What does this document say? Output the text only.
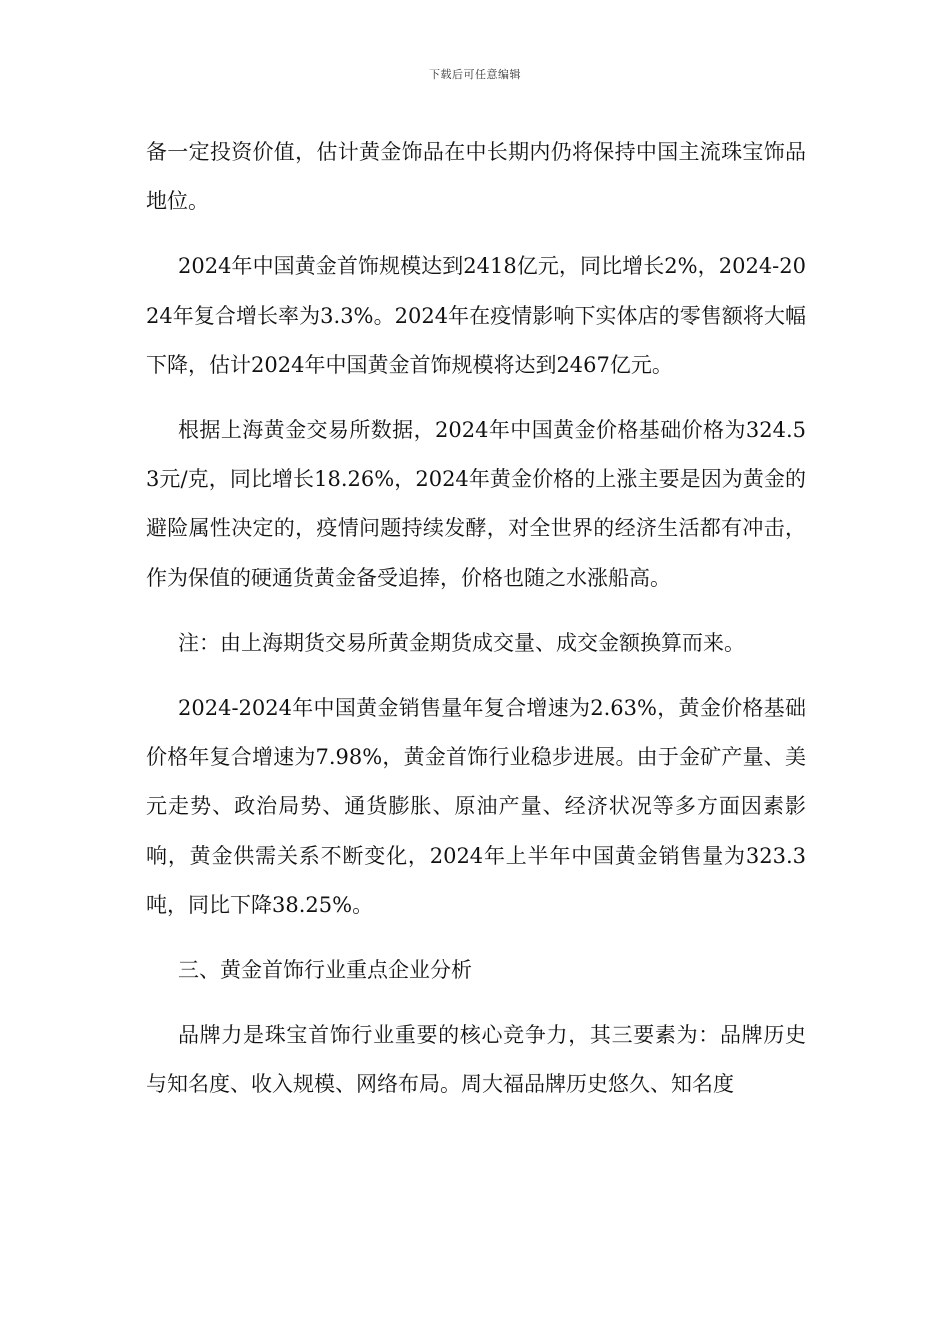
下载后可任意编辑

备一定投资价值，估计黄金饰品在中长期内仍将保持中国主流珠宝饰品地位。

2024年中国黄金首饰规模达到2418亿元，同比增长2%，2024-2024年复合增长率为3.3%。2024年在疫情影响下实体店的零售额将大幅下降，估计2024年中国黄金首饰规模将达到2467亿元。

根据上海黄金交易所数据，2024年中国黄金价格基础价格为324.53元/克，同比增长18.26%，2024年黄金价格的上涨主要是因为黄金的避险属性决定的，疫情问题持续发酵，对全世界的经济生活都有冲击，作为保值的硬通货黄金备受追捧，价格也随之水涨船高。

注：由上海期货交易所黄金期货成交量、成交金额换算而来。

2024-2024年中国黄金销售量年复合增速为2.63%，黄金价格基础价格年复合增速为7.98%，黄金首饰行业稳步进展。由于金矿产量、美元走势、政治局势、通货膨胀、原油产量、经济状况等多方面因素影响，黄金供需关系不断变化，2024年上半年中国黄金销售量为323.3吨，同比下降38.25%。

三、黄金首饰行业重点企业分析

品牌力是珠宝首饰行业重要的核心竞争力，其三要素为：品牌历史与知名度、收入规模、网络布局。周大福品牌历史悠久、知名度
